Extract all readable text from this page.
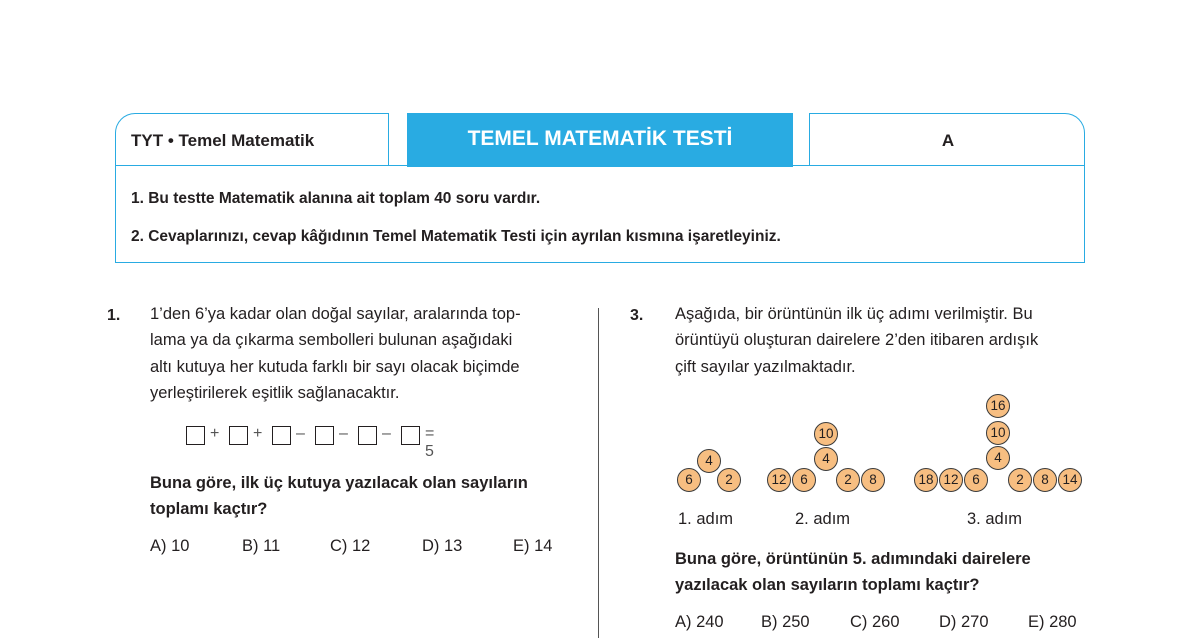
TYT • Temel Matematik	TEMEL MATEMATİK TESTİ	A
1. Bu testte Matematik alanına ait toplam 40 soru vardır.
2. Cevaplarınızı, cevap kâğıdının Temel Matematik Testi için ayrılan kısmına işaretleyiniz.
1. 1’den 6’ya kadar olan doğal sayılar, aralarında top-
lama ya da çıkarma sembolleri bulunan aşağıdaki
altı kutuya her kutuda farklı bir sayı olacak biçimde
yerleştirilerek eşitlik sağlanacaktır.
+ + – – – = 5
Buna göre, ilk üç kutuya yazılacak olan sayıların
toplamı kaçtır?
A) 10	B) 11	C) 12	D) 13	E) 14
3. Aşağıda, bir örüntünün ilk üç adımı verilmiştir. Bu
örüntüyü oluşturan dairelere 2’den itibaren ardışık
çift sayılar yazılmaktadır.
6
4
2	12	6
10
4
2	8	18 12	6
16
10
4
2	8	14
1. adım	2. adım	3. adım
Buna göre, örüntünün 5. adımındaki dairelere
yazılacak olan sayıların toplamı kaçtır?
A) 240 B) 250 C) 260 D) 270 E) 280
